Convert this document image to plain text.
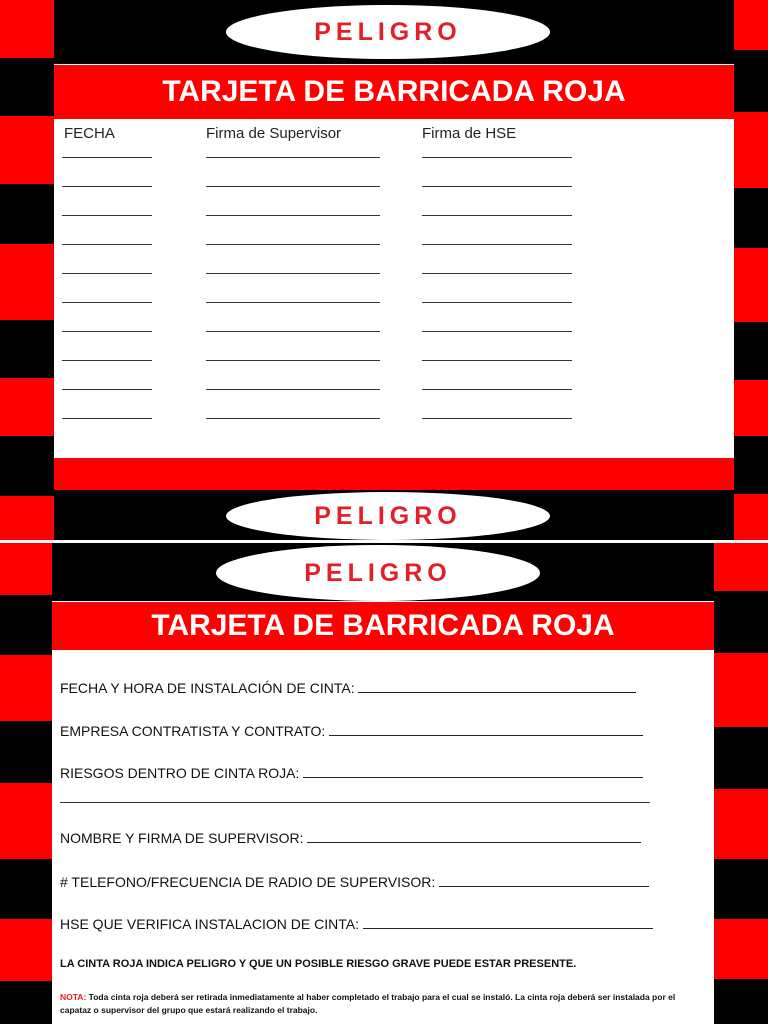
PELIGRO
TARJETA DE BARRICADA ROJA
FECHA	Firma de Supervisor	Firma de HSE
PELIGRO
PELIGRO
TARJETA DE BARRICADA ROJA
FECHA Y HORA DE INSTALACIÓN DE CINTA:
EMPRESA CONTRATISTA Y CONTRATO:
RIESGOS DENTRO DE CINTA ROJA:
NOMBRE Y FIRMA DE SUPERVISOR:
# TELEFONO/FRECUENCIA DE RADIO DE SUPERVISOR:
HSE QUE VERIFICA INSTALACION DE CINTA:
LA CINTA ROJA INDICA PELIGRO Y QUE UN POSIBLE RIESGO GRAVE PUEDE ESTAR PRESENTE.
NOTA: Toda cinta roja deberá ser retirada inmediatamente al haber completado el trabajo para el cual se instaló. La cinta roja deberá ser instalada por el capataz o supervisor del grupo que estará realizando el trabajo.
